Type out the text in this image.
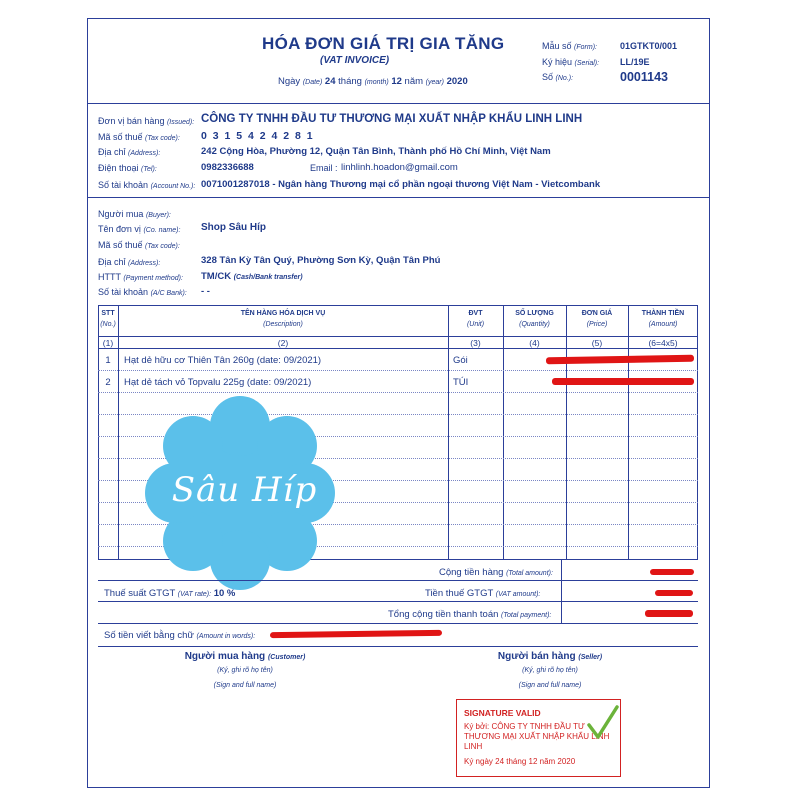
HÓA ĐƠN GIÁ TRỊ GIA TĂNG
(VAT INVOICE)
Ngày (Date) 24 tháng (month) 12 năm (year) 2020
Mẫu số (Form):	01GTKT0/001
Ký hiệu (Serial): LL/19E
Số (No.):	0001143
Đơn vị bán hàng (Issued): CÔNG TY TNHH ĐẦU TƯ THƯƠNG MẠI XUẤT NHẬP KHẨU LINH LINH
Mã số thuế (Tax code): 0 3 1 5 4 2 4 2 8 1
Địa chỉ (Address):	242 Cộng Hòa, Phường 12, Quận Tân Bình, Thành phố Hồ Chí Minh, Việt Nam
Điện thoại (Tel):	0982336688	Email : linhlinh.hoadon@gmail.com
Số tài khoản (Account No.): 0071001287018 - Ngân hàng Thương mại cổ phần ngoại thương Việt Nam - Vietcombank
Người mua (Buyer):
Tên đơn vị (Co. name): Shop Sâu Híp
Mã số thuế (Tax code):
Địa chỉ (Address):	328 Tân Kỳ Tân Quý, Phường Sơn Kỳ, Quận Tân Phú
HTTT (Payment method): TM/CK (Cash/Bank transfer)
Số tài khoản (A/C Bank): - -
STT
(No.)
TÊN HÀNG HÓA DỊCH VỤ
(Description)
ĐVT
(Unit)
SỐ LƯỢNG
(Quantity)
ĐƠN GIÁ
(Price)
THÀNH TIỀN
(Amount)
(1)	(2)	(3)	(4)	(5)	(6=4x5)
1	Hạt dẻ hữu cơ Thiên Tân 260g (date: 09/2021)	Gói
2	Hạt dẻ tách vỏ Topvalu 225g (date: 09/2021)	TÚI
Sâu Híp
Cộng tiền hàng (Total amount):
Thuế suất GTGT (VAT rate): 10 %	Tiền thuế GTGT (VAT amount):
Tổng cộng tiền thanh toán (Total payment):
Số tiền viết bằng chữ (Amount in words):
Người mua hàng (Customer)
(Ký, ghi rõ họ tên)
(Sign and full name)
Người bán hàng (Seller)
(Ký, ghi rõ họ tên)
(Sign and full name)
SIGNATURE VALID
Ký bởi: CÔNG TY TNHH ĐẦU TƯ THƯƠNG MẠI XUẤT NHẬP KHẨU LINH LINH
Ký ngày 24 tháng 12 năm 2020
